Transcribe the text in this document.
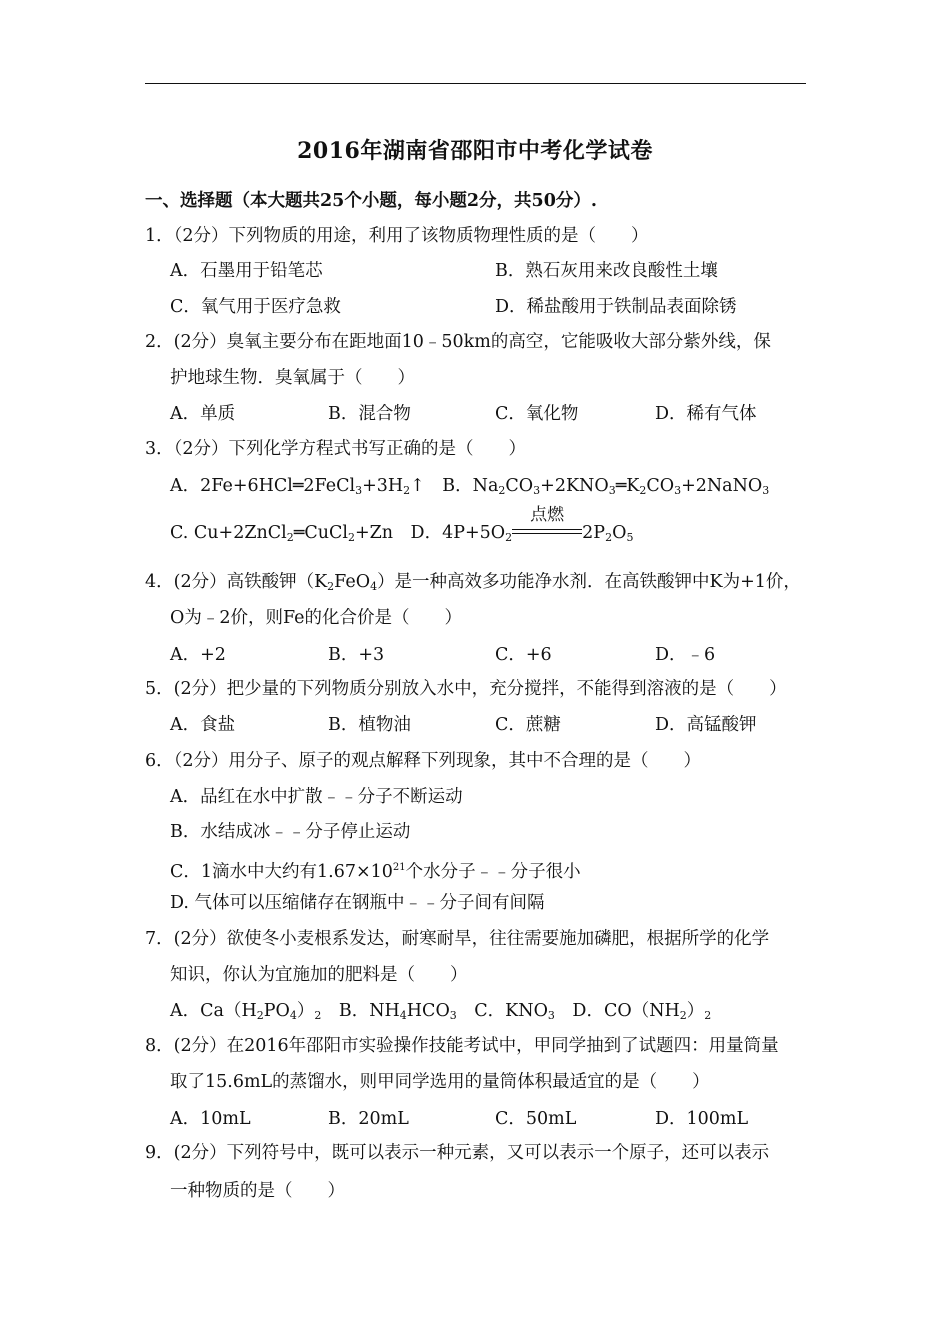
2016年湖南省邵阳市中考化学试卷
一、选择题（本大题共25个小题，每小题2分，共50分）.
1．（2分）下列物质的用途，利用了该物质物理性质的是（　　）
A．石墨用于铅笔芯	B．熟石灰用来改良酸性土壤
C．氧气用于医疗急救	D．稀盐酸用于铁制品表面除锈
2．(2分）臭氧主要分布在距地面10﹣50km的高空，它能吸收大部分紫外线，保
护地球生物．臭氧属于（　　）
A．单质	B．混合物	C．氧化物	D．稀有气体
3．（2分）下列化学方程式书写正确的是（　　）
A．$2Fe+6HCl═2FeCl_3+3H_2↑$　B．$Na_2CO_3+2KNO_3═K_2CO_3+2NaNO_3$
C. Cu+2ZnCl$_2$═CuCl$_2$+Zn　D．$4P+5O_2$
点燃
$2P_2O_5$
4．(2分）高铁酸钾$(K_2FeO_4)$是一种高效多功能净水剂．在高铁酸钾中K为+1价，
O为﹣2价，则Fe的化合价是（　　）
A．+2	B．+3	C．+6	D．﹣6
5．(2分）把少量的下列物质分别放入水中，充分搅拌，不能得到溶液的是（　　）
A．食盐	B．植物油	C．蔗糖	D．高锰酸钾
6．（2分）用分子、原子的观点解释下列现象，其中不合理的是（　　）
A．品红在水中扩散﹣﹣分子不断运动
B．水结成冰﹣﹣分子停止运动
C．1滴水中大约有$1.67\times 10^{21}$个水分子﹣﹣分子很小
D. 气体可以压缩储存在钢瓶中﹣﹣分子间有间隔
7．(2分）欲使冬小麦根系发达，耐寒耐旱，往往需要施加磷肥，根据所学的化学
知识，你认为宜施加的肥料是（　　）
A．$Ca(H_2PO_4)_2$　B．$NH_4HCO_3$　C．$KNO_3$　D．$CO(NH_2)_2$
8．(2分）在2016年邵阳市实验操作技能考试中，甲同学抽到了试题四：用量筒量
取了15.6mL的蒸馏水，则甲同学选用的量筒体积最适宜的是（　　）
A．10mL	B．20mL	C．50mL	D．100mL
9．(2分）下列符号中，既可以表示一种元素，又可以表示一个原子，还可以表示
一种物质的是（　　）
